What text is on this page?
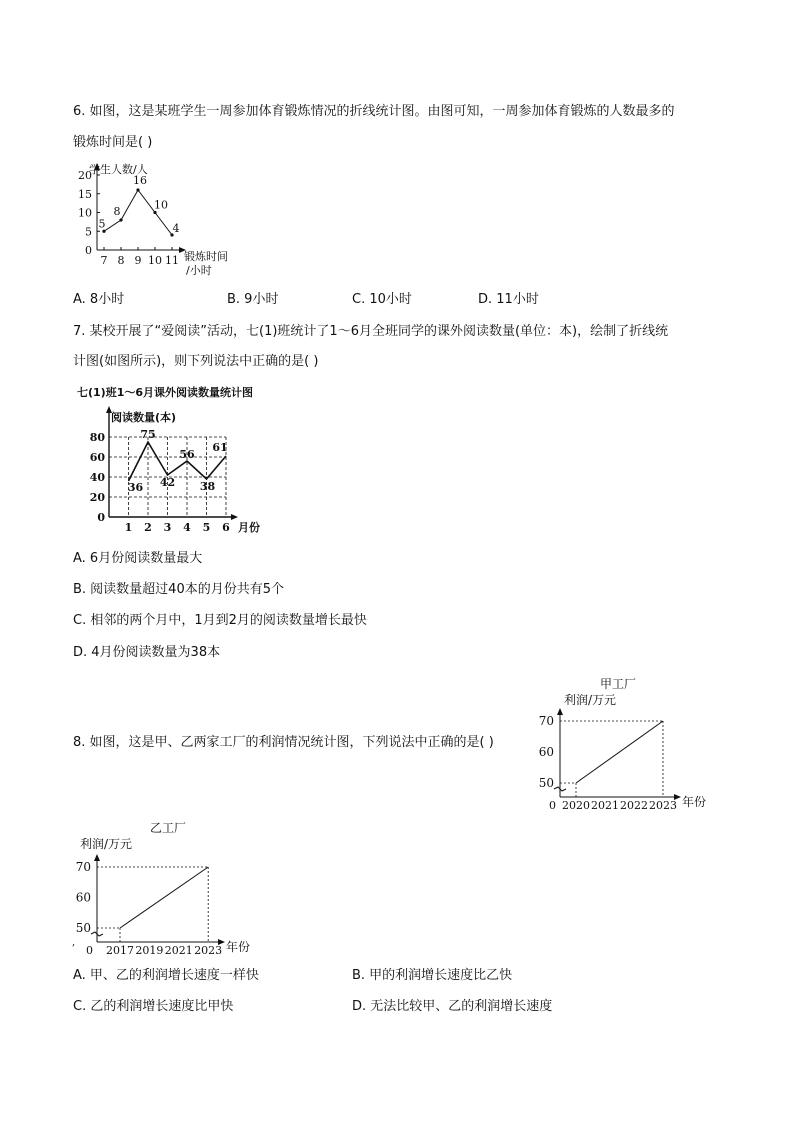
6. 如图，这是某班学生一周参加体育锻炼情况的折线统计图。由图可知，一周参加体育锻炼的人数最多的
锻炼时间是( )
学生人数/人
锻炼时间
/小时
0
5
10
15
20
7 8 9 10 11
5
8
16
10
4
A. 8小时	B. 9小时	C. 10小时	D. 11小时
7. 某校开展了“爱阅读”活动，七(1)班统计了1～6月全班同学的课外阅读数量(单位：本)，绘制了折线统
计图(如图所示)，则下列说法中正确的是( )
七(1)班1～6月课外阅读数量统计图
阅读数量(本)
月份
0
20
40
60
80
1 2 3 4 5 6
36
75
42
56
38
61
A. 6月份阅读数量最大
B. 阅读数量超过40本的月份共有5个
C. 相邻的两个月中，1月到2月的阅读数量增长最快
D. 4月份阅读数量为38本
8. 如图，这是甲、乙两家工厂的利润情况统计图，下列说法中正确的是( )
甲工厂
利润/万元
年份
0 2020 2021 2022 2023
50
60
70
乙工厂
利润/万元
,	年份
0 2017 2019 2021 2023
50
60
70
A. 甲、乙的利润增长速度一样快	B. 甲的利润增长速度比乙快
C. 乙的利润增长速度比甲快	D. 无法比较甲、乙的利润增长速度
